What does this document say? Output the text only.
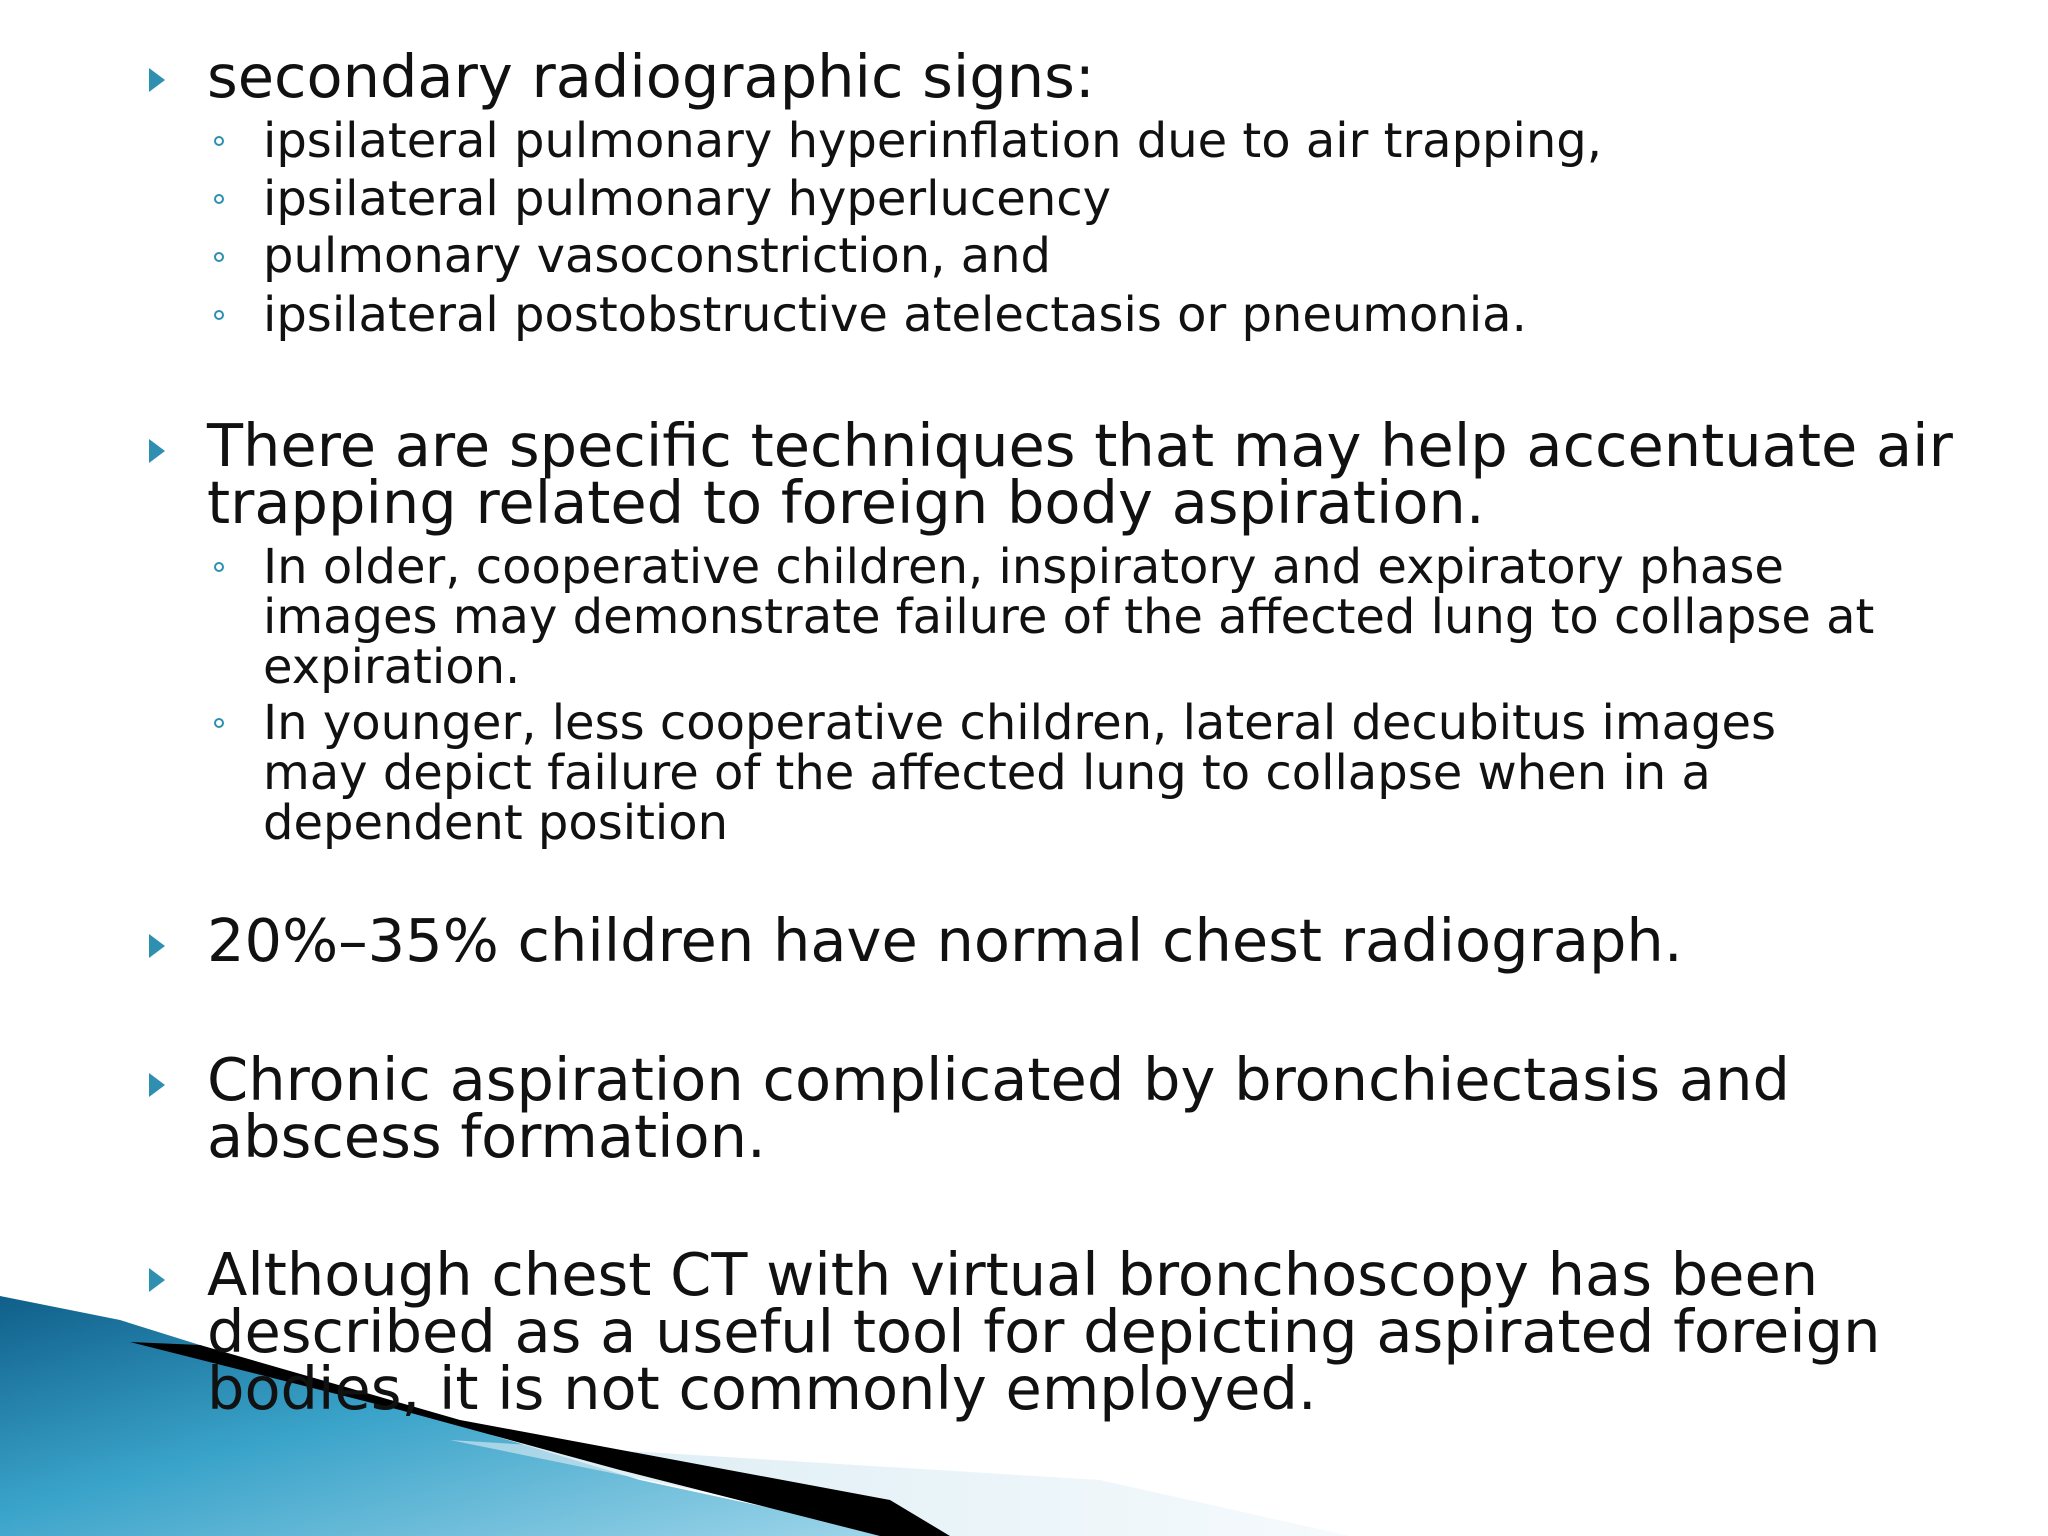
secondary radiographic signs:

ipsilateral pulmonary hyperinflation due to air trapping,

ipsilateral pulmonary hyperlucency

pulmonary vasoconstriction, and

ipsilateral postobstructive atelectasis or pneumonia.

There are specific techniques that may help accentuate air

trapping related to foreign body aspiration.

In older, cooperative children, inspiratory and expiratory phase

images may demonstrate failure of the affected lung to collapse at

expiration.

In younger, less cooperative children, lateral decubitus images

may depict failure of the affected lung to collapse when in a

dependent position

20%–35% children have normal chest radiograph.

Chronic aspiration complicated by bronchiectasis and

abscess formation.

Although chest CT with virtual bronchoscopy has been

described as a useful tool for depicting aspirated foreign

bodies, it is not commonly employed.
